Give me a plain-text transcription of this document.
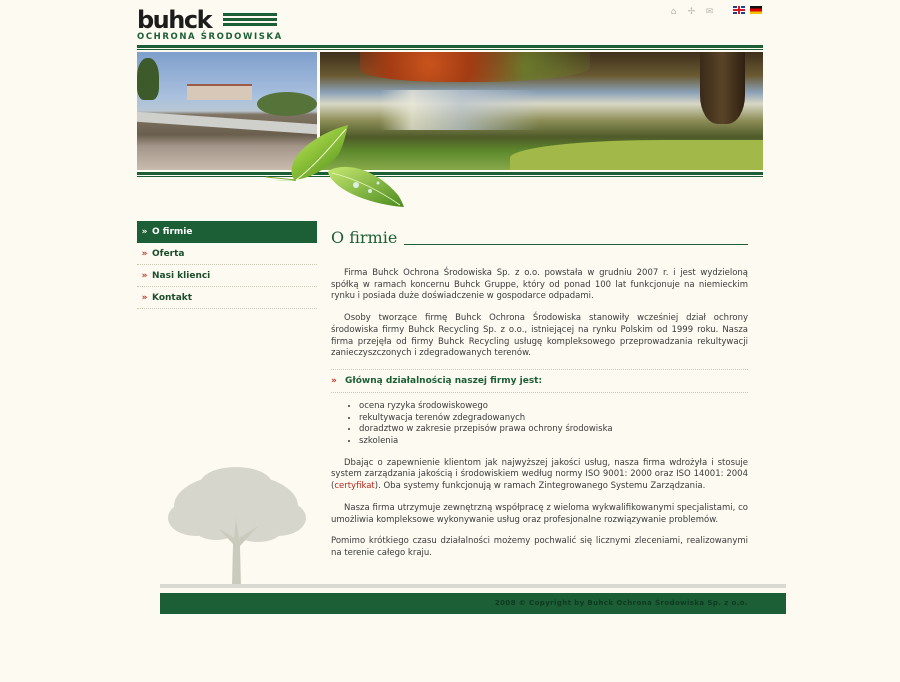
buhck
OCHRONA ŚRODOWISKA
⌂ ✢ ✉
» O firmie
» Oferta
» Nasi klienci
» Kontakt
O firmie

Firma Buhck Ochrona Środowiska Sp. z o.o. powstała w grudniu 2007 r. i jest wydzieloną spółką w ramach koncernu Buhck Gruppe, który od ponad 100 lat funkcjonuje na niemieckim rynku i posiada duże doświadczenie w gospodarce odpadami.

Osoby tworzące firmę Buhck Ochrona Środowiska stanowiły wcześniej dział ochrony środowiska firmy Buhck Recycling Sp. z o.o., istniejącej na rynku Polskim od 1999 roku. Nasza firma przejęła od firmy Buhck Recycling usługę kompleksowego przeprowadzania rekultywacji zanieczyszczonych i zdegradowanych terenów.

» Główną działalnością naszej firmy jest:
• ocena ryzyka środowiskowego
• rekultywacja terenów zdegradowanych
• doradztwo w zakresie przepisów prawa ochrony środowiska
• szkolenia

Dbając o zapewnienie klientom jak najwyższej jakości usług, nasza firma wdrożyła i stosuje system zarządzania jakością i środowiskiem według normy ISO 9001: 2000 oraz ISO 14001: 2004 (certyfikat). Oba systemy funkcjonują w ramach Zintegrowanego Systemu Zarządzania.

Nasza firma utrzymuje zewnętrzną współpracę z wieloma wykwalifikowanymi specjalistami, co umożliwia kompleksowe wykonywanie usług oraz profesjonalne rozwiązywanie problemów.

Pomimo krótkiego czasu działalności możemy pochwalić się licznymi zleceniami, realizowanymi na terenie całego kraju.

2008 © Copyright by Buhck Ochrona Środowiska Sp. z o.o.
